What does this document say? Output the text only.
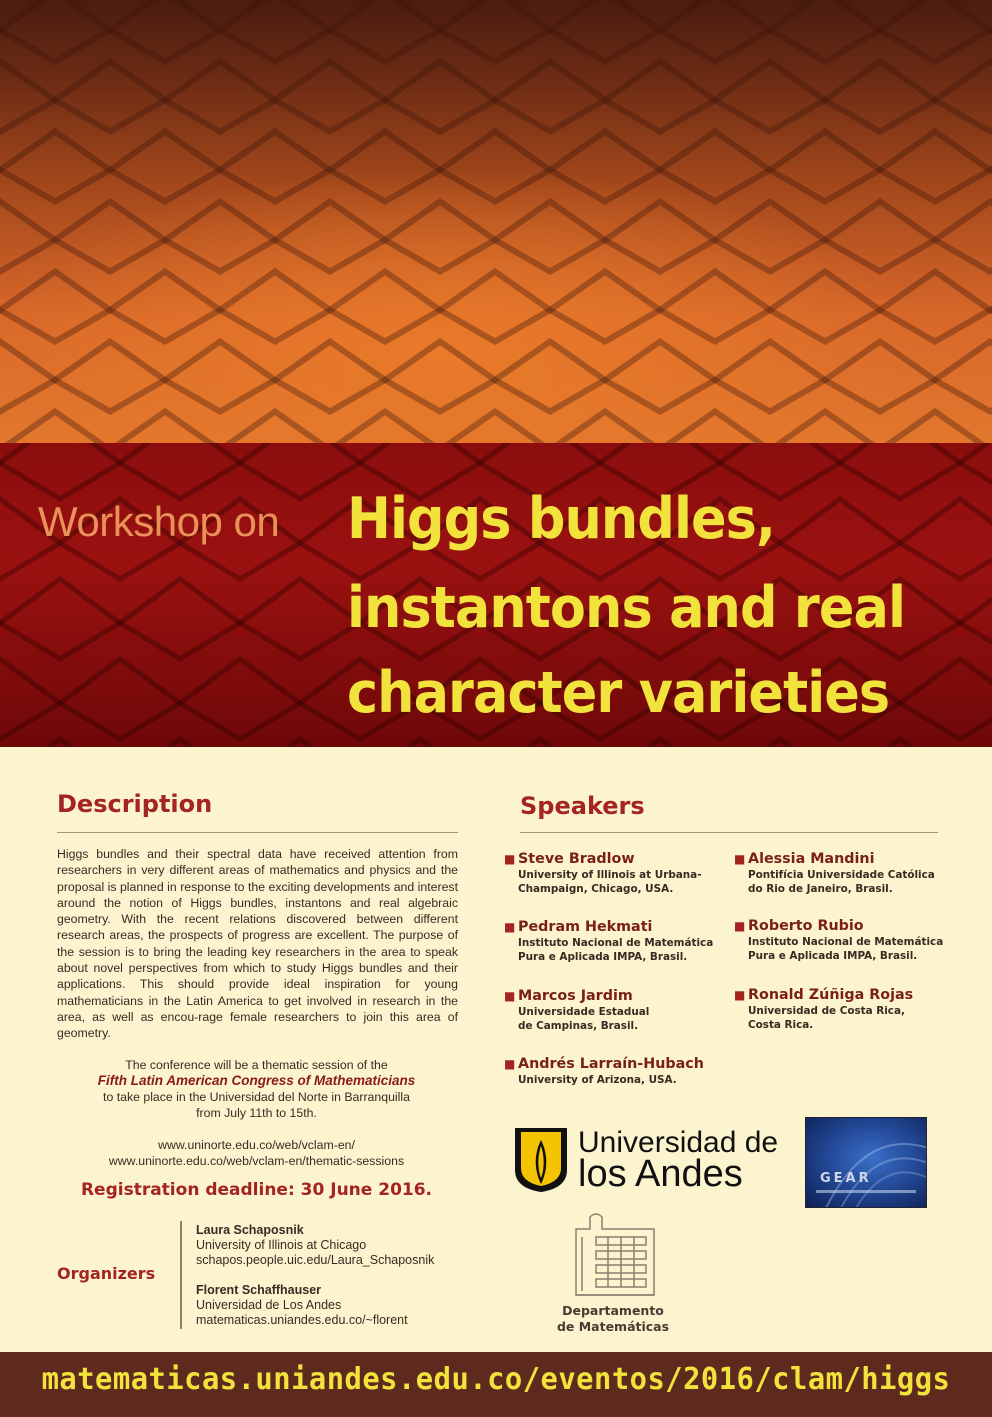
Workshop on	Higgs bundles,
instantons and real
character varieties
Description
Higgs bundles and their spectral data have received attention from researchers in very different areas of mathematics and physics and the proposal is planned in response to the exciting developments and interest around the notion of Higgs bundles, instantons and real algebraic geometry. With the recent relations discovered between different research areas, the prospects of progress are excellent. The purpose of the session is to bring the leading key researchers in the area to speak about novel perspectives from which to study Higgs bundles and their applications. This should provide ideal inspiration for young mathematicians in the Latin America to get involved in research in the area, as well as encou-rage female researchers to join this area of geometry.
The conference will be a thematic session of the
Fifth Latin American Congress of Mathematicians
to take place in the Universidad del Norte in Barranquilla
from July 11th to 15th.
www.uninorte.edu.co/web/vclam-en/
www.uninorte.edu.co/web/vclam-en/thematic-sessions
Registration deadline: 30 June 2016.
Organizers
Laura Schaposnik
University of Illinois at Chicago
schapos.people.uic.edu/Laura_Schaposnik
Florent Schaffhauser
Universidad de Los Andes
matematicas.uniandes.edu.co/~florent
Speakers
■ Steve Bradlow
University of Illinois at Urbana-
Champaign, Chicago, USA.
■ Pedram Hekmati
Instituto Nacional de Matemática
Pura e Aplicada IMPA, Brasil.
■ Marcos Jardim
Universidade Estadual
de Campinas, Brasil.
■ Andrés Larraín-Hubach
University of Arizona, USA.
■ Alessia Mandini
Pontifícia Universidade Católica
do Rio de Janeiro, Brasil.
■ Roberto Rubio
Instituto Nacional de Matemática
Pura e Aplicada IMPA, Brasil.
■ Ronald Zúñiga Rojas
Universidad de Costa Rica,
Costa Rica.
Universidad de
los Andes	GEAR
Departamento
de Matemáticas
matematicas.uniandes.edu.co/eventos/2016/clam/higgs
